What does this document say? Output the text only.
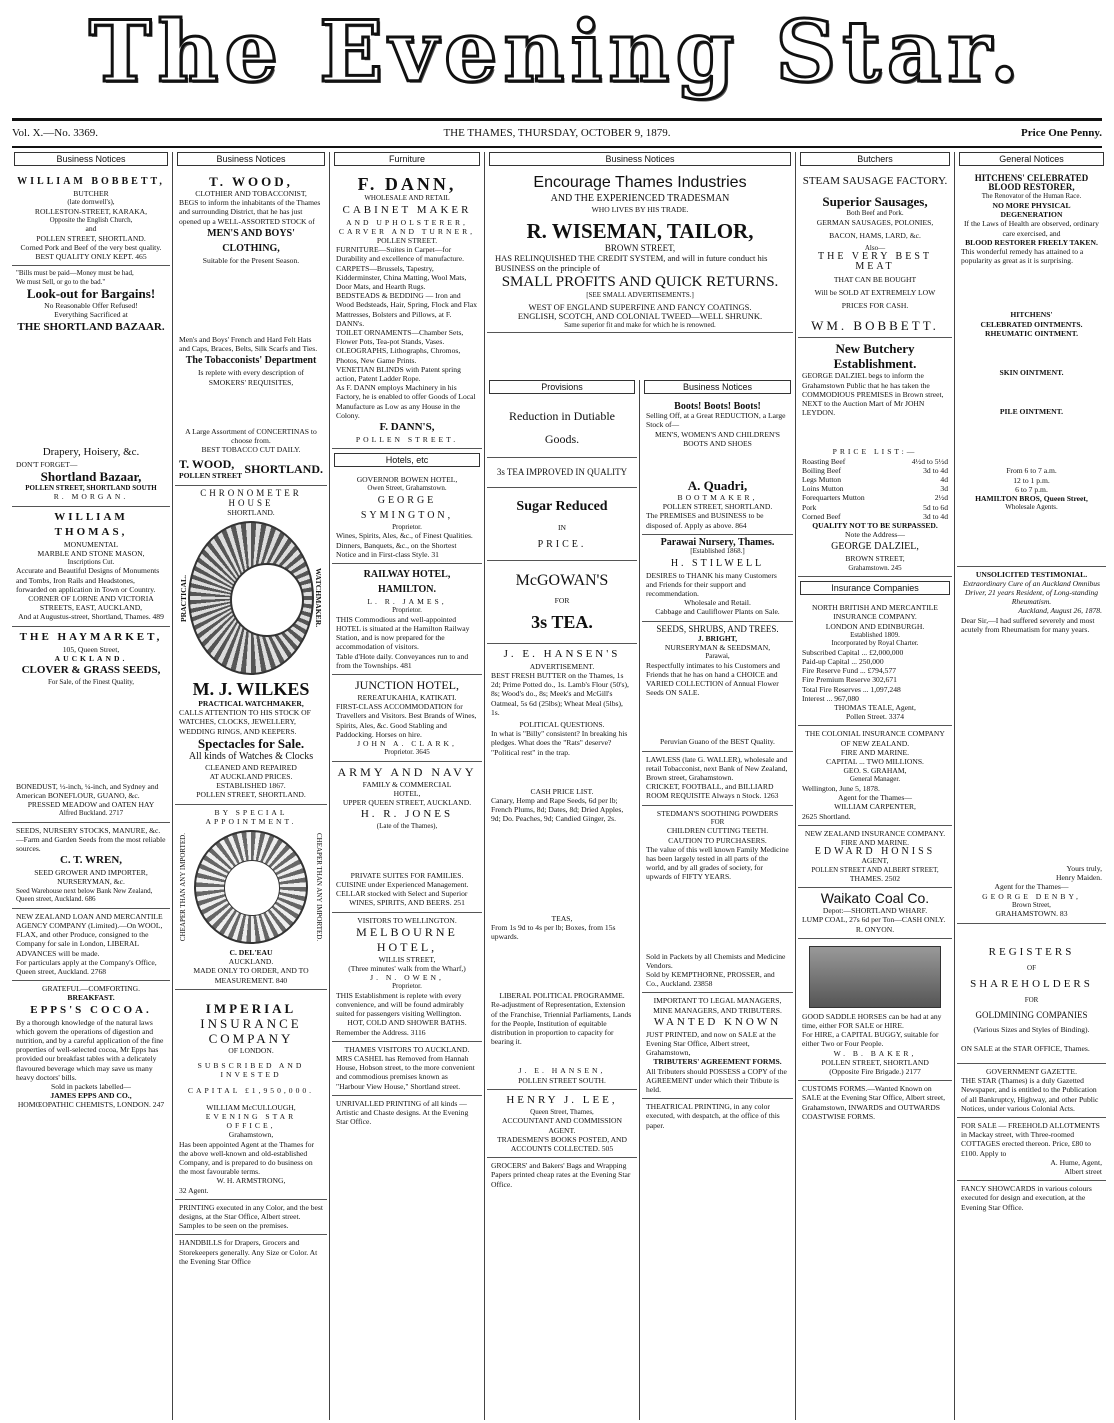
The Evening Star.
Vol. X.—No. 3369.	THE THAMES, THURSDAY, OCTOBER 9, 1879.	Price One Penny.
Business Notices
WILLIAM BOBBETT,
BUTCHER
(late dornwell's),
ROLLESTON-STREET, KARAKA,
Opposite the English Church,
and
POLLEN STREET, SHORTLAND.
Corned Pork and Beef of the very best quality.
BEST QUALITY ONLY KEPT. 465
"Bills must be paid—Money must be had,
We must Sell, or go to the bad."
Look-out for Bargains!
No Reasonable Offer Refused!
Everything Sacrificed at
THE SHORTLAND BAZAAR.
Drapery, Hoisery, &c.
DON'T FORGET—
Shortland Bazaar,
POLLEN STREET, SHORTLAND SOUTH
R. MORGAN.
WILLIAM THOMAS,
MONUMENTAL
MARBLE AND STONE MASON,
Inscriptions Cut.
Accurate and Beautiful Designs of Monuments and Tombs, Iron Rails and Headstones, forwarded on application in Town or Country.
CORNER OF LORNE AND VICTORIA STREETS, EAST, AUCKLAND,
And at Augustus-street, Shortland, Thames. 489
THE HAYMARKET,
105, Queen Street,
AUCKLAND.
CLOVER & GRASS SEEDS,
For Sale, of the Finest Quality,
BONEDUST, ½-inch, ¼-inch, and Sydney and American BONEFLOUR, GUANO, &c.
PRESSED MEADOW and OATEN HAY
Alfred Buckland. 2717
SEEDS, NURSERY STOCKS, MANURE, &c.—Farm and Garden Seeds from the most reliable sources.
C. T. WREN,
SEED GROWER AND IMPORTER, NURSERYMAN, &c.
Seed Warehouse next below Bank New Zealand, Queen street, Auckland. 686
NEW ZEALAND LOAN AND MERCANTILE AGENCY COMPANY (Limited).—On WOOL, FLAX, and other Produce, consigned to the Company for sale in London, LIBERAL ADVANCES will be made.
For particulars apply at the Company's Office, Queen street, Auckland. 2768
GRATEFUL—COMFORTING.
BREAKFAST.
EPPS'S COCOA.
By a thorough knowledge of the natural laws which govern the operations of digestion and nutrition, and by a careful application of the fine properties of well-selected cocoa, Mr Epps has provided our breakfast tables with a delicately flavoured beverage which may save us many heavy doctors' bills.
Sold in packets labelled—
JAMES EPPS AND CO.,
HOMŒOPATHIC CHEMISTS, LONDON. 247
Business Notices
T. WOOD,
CLOTHIER AND TOBACCONIST,
BEGS to inform the inhabitants of the Thames and surrounding District, that he has just opened up a WELL-ASSORTED STOCK of
MEN'S AND BOYS' CLOTHING,
Suitable for the Present Season.
Men's and Boys' French and Hard Felt Hats and Caps, Braces, Belts, Silk Scarfs and Ties.
The Tobacconists' Department
Is replete with every description of SMOKERS' REQUISITES,
A Large Assortment of CONCERTINAS to choose from.
BEST TOBACCO CUT DAILY.
T. WOOD,
POLLEN STREET SHORTLAND.
CHRONOMETER HOUSE
SHORTLAND.
PRACTICAL.	WATCHMAKER.
M. J. WILKES
PRACTICAL WATCHMAKER,
CALLS ATTENTION TO HIS STOCK OF
WATCHES, CLOCKS, JEWELLERY, WEDDING RINGS, AND KEEPERS.
Spectacles for Sale.
All kinds of Watches & Clocks
CLEANED AND REPAIRED
AT AUCKLAND PRICES.
ESTABLISHED 1867.
POLLEN STREET, SHORTLAND.
BY SPECIAL APPOINTMENT.
CHEAPER THAN ANY IMPORTED.	CHEAPER THAN ANY IMPORTED.
C. DEL'EAU
AUCKLAND.
MADE ONLY TO ORDER, AND TO MEASUREMENT. 840
IMPERIAL
INSURANCE COMPANY
OF LONDON.
SUBSCRIBED AND INVESTED
CAPITAL £1,950,000.
WILLIAM McCULLOUGH,
EVENING STAR OFFICE,
Grahamstown,
Has been appointed Agent at the Thames for the above well-known and old-established Company, and is prepared to do business on the most favourable terms.
W. H. ARMSTRONG,
32 Agent.
PRINTING executed in any Color, and the best designs, at the Star Office, Albert street. Samples to be seen on the premises.
HANDBILLS for Drapers, Grocers and Storekeepers generally. Any Size or Color. At the Evening Star Office
Furniture
F. DANN,
WHOLESALE AND RETAIL
CABINET MAKER
AND UPHOLSTERER,
CARVER AND TURNER,
POLLEN STREET.
FURNITURE—Suites in Carpet—for Durability and excellence of manufacture.
CARPETS—Brussels, Tapestry, Kidderminster, China Matting, Wool Mats, Door Mats, and Hearth Rugs.
BEDSTEADS & BEDDING — Iron and Wood Bedsteads, Hair, Spring, Flock and Flax Mattresses, Bolsters and Pillows, at F. DANN's.
TOILET ORNAMENTS—Chamber Sets, Flower Pots, Tea-pot Stands, Vases.
OLEOGRAPHS, Lithographs, Chromos, Photos, New Game Prints.
VENETIAN BLINDS with Patent spring action, Patent Ladder Rope.
As F. DANN employs Machinery in his Factory, he is enabled to offer Goods of Local Manufacture as Low as any House in the Colony.
F. DANN'S,
POLLEN STREET.
Hotels, etc
GOVERNOR BOWEN HOTEL,
Owen Street, Grahamstown.
GEORGE SYMINGTON,
Proprietor.
Wines, Spirits, Ales, &c., of Finest Qualities.
Dinners, Banquets, &c., on the Shortest Notice and in First-class Style. 31
RAILWAY HOTEL, HAMILTON.
L. R. JAMES,
Proprietor.
THIS Commodious and well-appointed HOTEL is situated at the Hamilton Railway Station, and is now prepared for the accommodation of visitors.
Table d'Hote daily. Conveyances run to and from the Townships. 481
JUNCTION HOTEL,
REREATUKAHIA, KATIKATI.
FIRST-CLASS ACCOMMODATION for Travellers and Visitors. Best Brands of Wines, Spirits, Ales, &c. Good Stabling and Paddocking. Horses on hire.
JOHN A. CLARK,
Proprietor. 3645
ARMY AND NAVY
FAMILY & COMMERCIAL
HOTEL,
UPPER QUEEN STREET, AUCKLAND.
H. R. JONES
(Late of the Thames),
PRIVATE SUITES FOR FAMILIES.
CUISINE under Experienced Management.
CELLAR stocked with Select and Superior
WINES, SPIRITS, AND BEERS. 251
VISITORS TO WELLINGTON.
MELBOURNE HOTEL,
WILLIS STREET,
(Three minutes' walk from the Wharf,)
J. N. OWEN,
Proprietor.
THIS Establishment is replete with every convenience, and will be found admirably suited for passengers visiting Wellington.
HOT, COLD AND SHOWER BATHS.
Remember the Address. 3116
THAMES VISITORS TO AUCKLAND.
MRS CASHEL has Removed from Hannah House, Hobson street, to the more convenient and commodious premises known as "Harbour View House," Shortland street.
UNRIVALLED PRINTING of all kinds —Artistic and Chaste designs. At the Evening Star Office.
Business Notices
Encourage Thames Industries
AND THE EXPERIENCED TRADESMAN
WHO LIVES BY HIS TRADE.
R. WISEMAN, TAILOR,
BROWN STREET,
HAS RELINQUISHED THE CREDIT SYSTEM, and will in future conduct his BUSINESS on the principle of
SMALL PROFITS AND QUICK RETURNS.
[SEE SMALL ADVERTISEMENTS.]
WEST OF ENGLAND SUPERFINE AND FANCY COATINGS.
ENGLISH, SCOTCH, AND COLONIAL TWEED—WELL SHRUNK.
Same superior fit and make for which he is renowned.
Provisions
Reduction in Dutiable
Goods.
3s TEA IMPROVED IN QUALITY
Sugar Reduced
IN
PRICE.
McGOWAN'S
FOR
3s TEA.
J. E. HANSEN'S
ADVERTISEMENT.
BEST FRESH BUTTER on the Thames, 1s 2d; Prime Potted do., 1s. Lamb's Flour (50's), 8s; Wood's do., 8s; Meek's and McGill's Oatmeal, 5s 6d (25lbs); Wheat Meal (5lbs), 1s.
POLITICAL QUESTIONS.
In what is "Billy" consistent? In breaking his pledges. What does the "Rats" deserve? "Political rest" in the trap.
CASH PRICE LIST.
Canary, Hemp and Rape Seeds, 6d per lb; French Plums, 8d; Dates, 8d; Dried Apples, 9d; Do. Peaches, 9d; Candied Ginger, 2s.
TEAS,
From 1s 9d to 4s per lb; Boxes, from 15s upwards.
LIBERAL POLITICAL PROGRAMME.
Re-adjustment of Representation, Extension of the Franchise, Triennial Parliaments, Lands for the People, Institution of equitable distribution in proportion to capacity for bearing it.
J. E. HANSEN,
POLLEN STREET SOUTH.
HENRY J. LEE,
Queen Street, Thames,
ACCOUNTANT AND COMMISSION AGENT.
TRADESMEN'S BOOKS POSTED, AND ACCOUNTS COLLECTED. 505
GROCERS' and Bakers' Bags and Wrapping Papers printed cheap rates at the Evening Star Office.
Business Notices
Boots! Boots! Boots!
Selling Off, at a Great REDUCTION, a Large Stock of—
MEN'S, WOMEN'S AND CHILDREN'S BOOTS AND SHOES
A. Quadri,
BOOTMAKER,
POLLEN STREET, SHORTLAND.
The PREMISES and BUSINESS to be disposed of. Apply as above. 864
Parawai Nursery, Thames.
[Established 1868.]
H. STILWELL
DESIRES to THANK his many Customers and Friends for their support and recommendation.
Wholesale and Retail.
Cabbage and Cauliflower Plants on Sale.
SEEDS, SHRUBS, AND TREES.
J. BRIGHT,
NURSERYMAN & SEEDSMAN,
Parawai,
Respectfully intimates to his Customers and Friends that he has on hand a CHOICE and VARIED COLLECTION of Annual Flower Seeds ON SALE.
Peruvian Guano of the BEST Quality.
LAWLESS (late G. WALLER), wholesale and retail Tobacconist, next Bank of New Zealand, Brown street, Grahamstown.
CRICKET, FOOTBALL, and BILLIARD ROOM REQUISITE Always n Stock. 1263
STEDMAN'S SOOTHING POWDERS
FOR
CHILDREN CUTTING TEETH.
CAUTION TO PURCHASERS.
The value of this well known Family Medicine has been largely tested in all parts of the world, and by all grades of society, for upwards of FIFTY YEARS.
Sold in Packets by all Chemists and Medicine Vendors.
Sold by KEMPTHORNE, PROSSER, and Co., Auckland. 23858
IMPORTANT TO LEGAL MANAGERS, MINE MANAGERS, AND TRIBUTERS.
WANTED KNOWN
JUST PRINTED, and now on SALE at the Evening Star Office, Albert street, Grahamstown,
TRIBUTERS' AGREEMENT FORMS.
All Tributers should POSSESS a COPY of the AGREEMENT under which their Tribute is held.
THEATRICAL PRINTING, in any color executed, with despatch, at the office of this paper.
Butchers
STEAM SAUSAGE FACTORY.
Superior Sausages,
Both Beef and Pork.
GERMAN SAUSAGES, POLONIES,
BACON, HAMS, LARD, &c.
Also—
THE VERY BEST MEAT
THAT CAN BE BOUGHT
Will be SOLD AT EXTREMELY LOW
PRICES FOR CASH.
WM. BOBBETT.
New Butchery Establishment.
GEORGE DALZIEL begs to inform the Grahamstown Public that he has taken the COMMODIOUS PREMISES in Brown street, NEXT to the Auction Mart of Mr JOHN LEYDON.
PRICE LIST:—
Roasting Beef	4½d to 5½d
Boiling Beef	3d to 4d
Legs Mutton	4d
Loins Mutton	3d
Forequarters Mutton	2½d
Pork	5d to 6d
Corned Beef	3d to 4d
QUALITY NOT TO BE SURPASSED.
Note the Address—
GEORGE DALZIEL,
BROWN STREET,
Grahamstown. 245
Insurance Companies
NORTH BRITISH AND MERCANTILE INSURANCE COMPANY.
LONDON AND EDINBURGH.
Established 1809.
Incorporated by Royal Charter.
Subscribed Capital ... £2,000,000
Paid-up Capital ... 250,000
Fire Reserve Fund ... £794,577
Fire Premium Reserve 302,671
Total Fire Reserves ... 1,097,248
Interest ... 967,080
THOMAS TEALE, Agent,
Pollen Street. 3374
THE COLONIAL INSURANCE COMPANY OF NEW ZEALAND.
FIRE AND MARINE.
CAPITAL ... TWO MILLIONS.
GEO. S. GRAHAM,
General Manager.
Wellington, June 5, 1878.
Agent for the Thames—
WILLIAM CARPENTER,
2625 Shortland.
NEW ZEALAND INSURANCE COMPANY.
FIRE AND MARINE.
EDWARD HONISS
AGENT,
POLLEN STREET AND ALBERT STREET,
THAMES. 2502
Waikato Coal Co.
Depot:—SHORTLAND WHARF.
LUMP COAL, 27s 6d per Ton—CASH ONLY.
R. ONYON.
GOOD SADDLE HORSES can be had at any time, either FOR SALE or HIRE.
For HIRE, a CAPITAL BUGGY, suitable for either Two or Four People.
W. B. BAKER,
POLLEN STREET, SHORTLAND
(Opposite Fire Brigade.) 2177
CUSTOMS FORMS.—Wanted Known on SALE at the Evening Star Office, Albert street, Grahamstown, INWARDS and OUTWARDS COASTWISE FORMS.
General Notices
HITCHENS' CELEBRATED BLOOD RESTORER,
The Renovator of the Human Race.
NO MORE PHYSICAL DEGENERATION
If the Laws of Health are observed, ordinary care exercised, and
BLOOD RESTORER FREELY TAKEN.
This wonderful remedy has attained to a popularity as great as it is surprising.
HITCHENS'
CELEBRATED OINTMENTS.
RHEUMATIC OINTMENT.
SKIN OINTMENT.
PILE OINTMENT.
From 6 to 7 a.m.
12 to 1 p.m.
6 to 7 p.m.
HAMILTON BROS, Queen Street,
Wholesale Agents.
UNSOLICITED TESTIMONIAL.
Extraordinary Cure of an Auckland Omnibus Driver, 21 years Resident, of Long-standing Rheumatism.
Auckland, August 26, 1878.
Dear Sir,—I had suffered severely and most acutely from Rheumatism for many years.
Yours truly,
Henry Maiden.
Agent for the Thames—
GEORGE DENBY,
Brown Street,
GRAHAMSTOWN. 83
REGISTERS
OF
SHAREHOLDERS
FOR
GOLDMINING COMPANIES
(Various Sizes and Styles of Binding).
ON SALE at the STAR OFFICE, Thames.
GOVERNMENT GAZETTE.
THE STAR (Thames) is a duly Gazetted Newspaper, and is entitled to the Publication of all Bankruptcy, Highway, and other Public Notices, under various Colonial Acts.
FOR SALE — FREEHOLD ALLOTMENTS in Mackay street, with Three-roomed COTTAGES erected thereon. Price, £80 to £100. Apply to
A. Hume, Agent,
Albert street
FANCY SHOWCARDS in various colours executed for design and execution, at the Evening Star Office.
